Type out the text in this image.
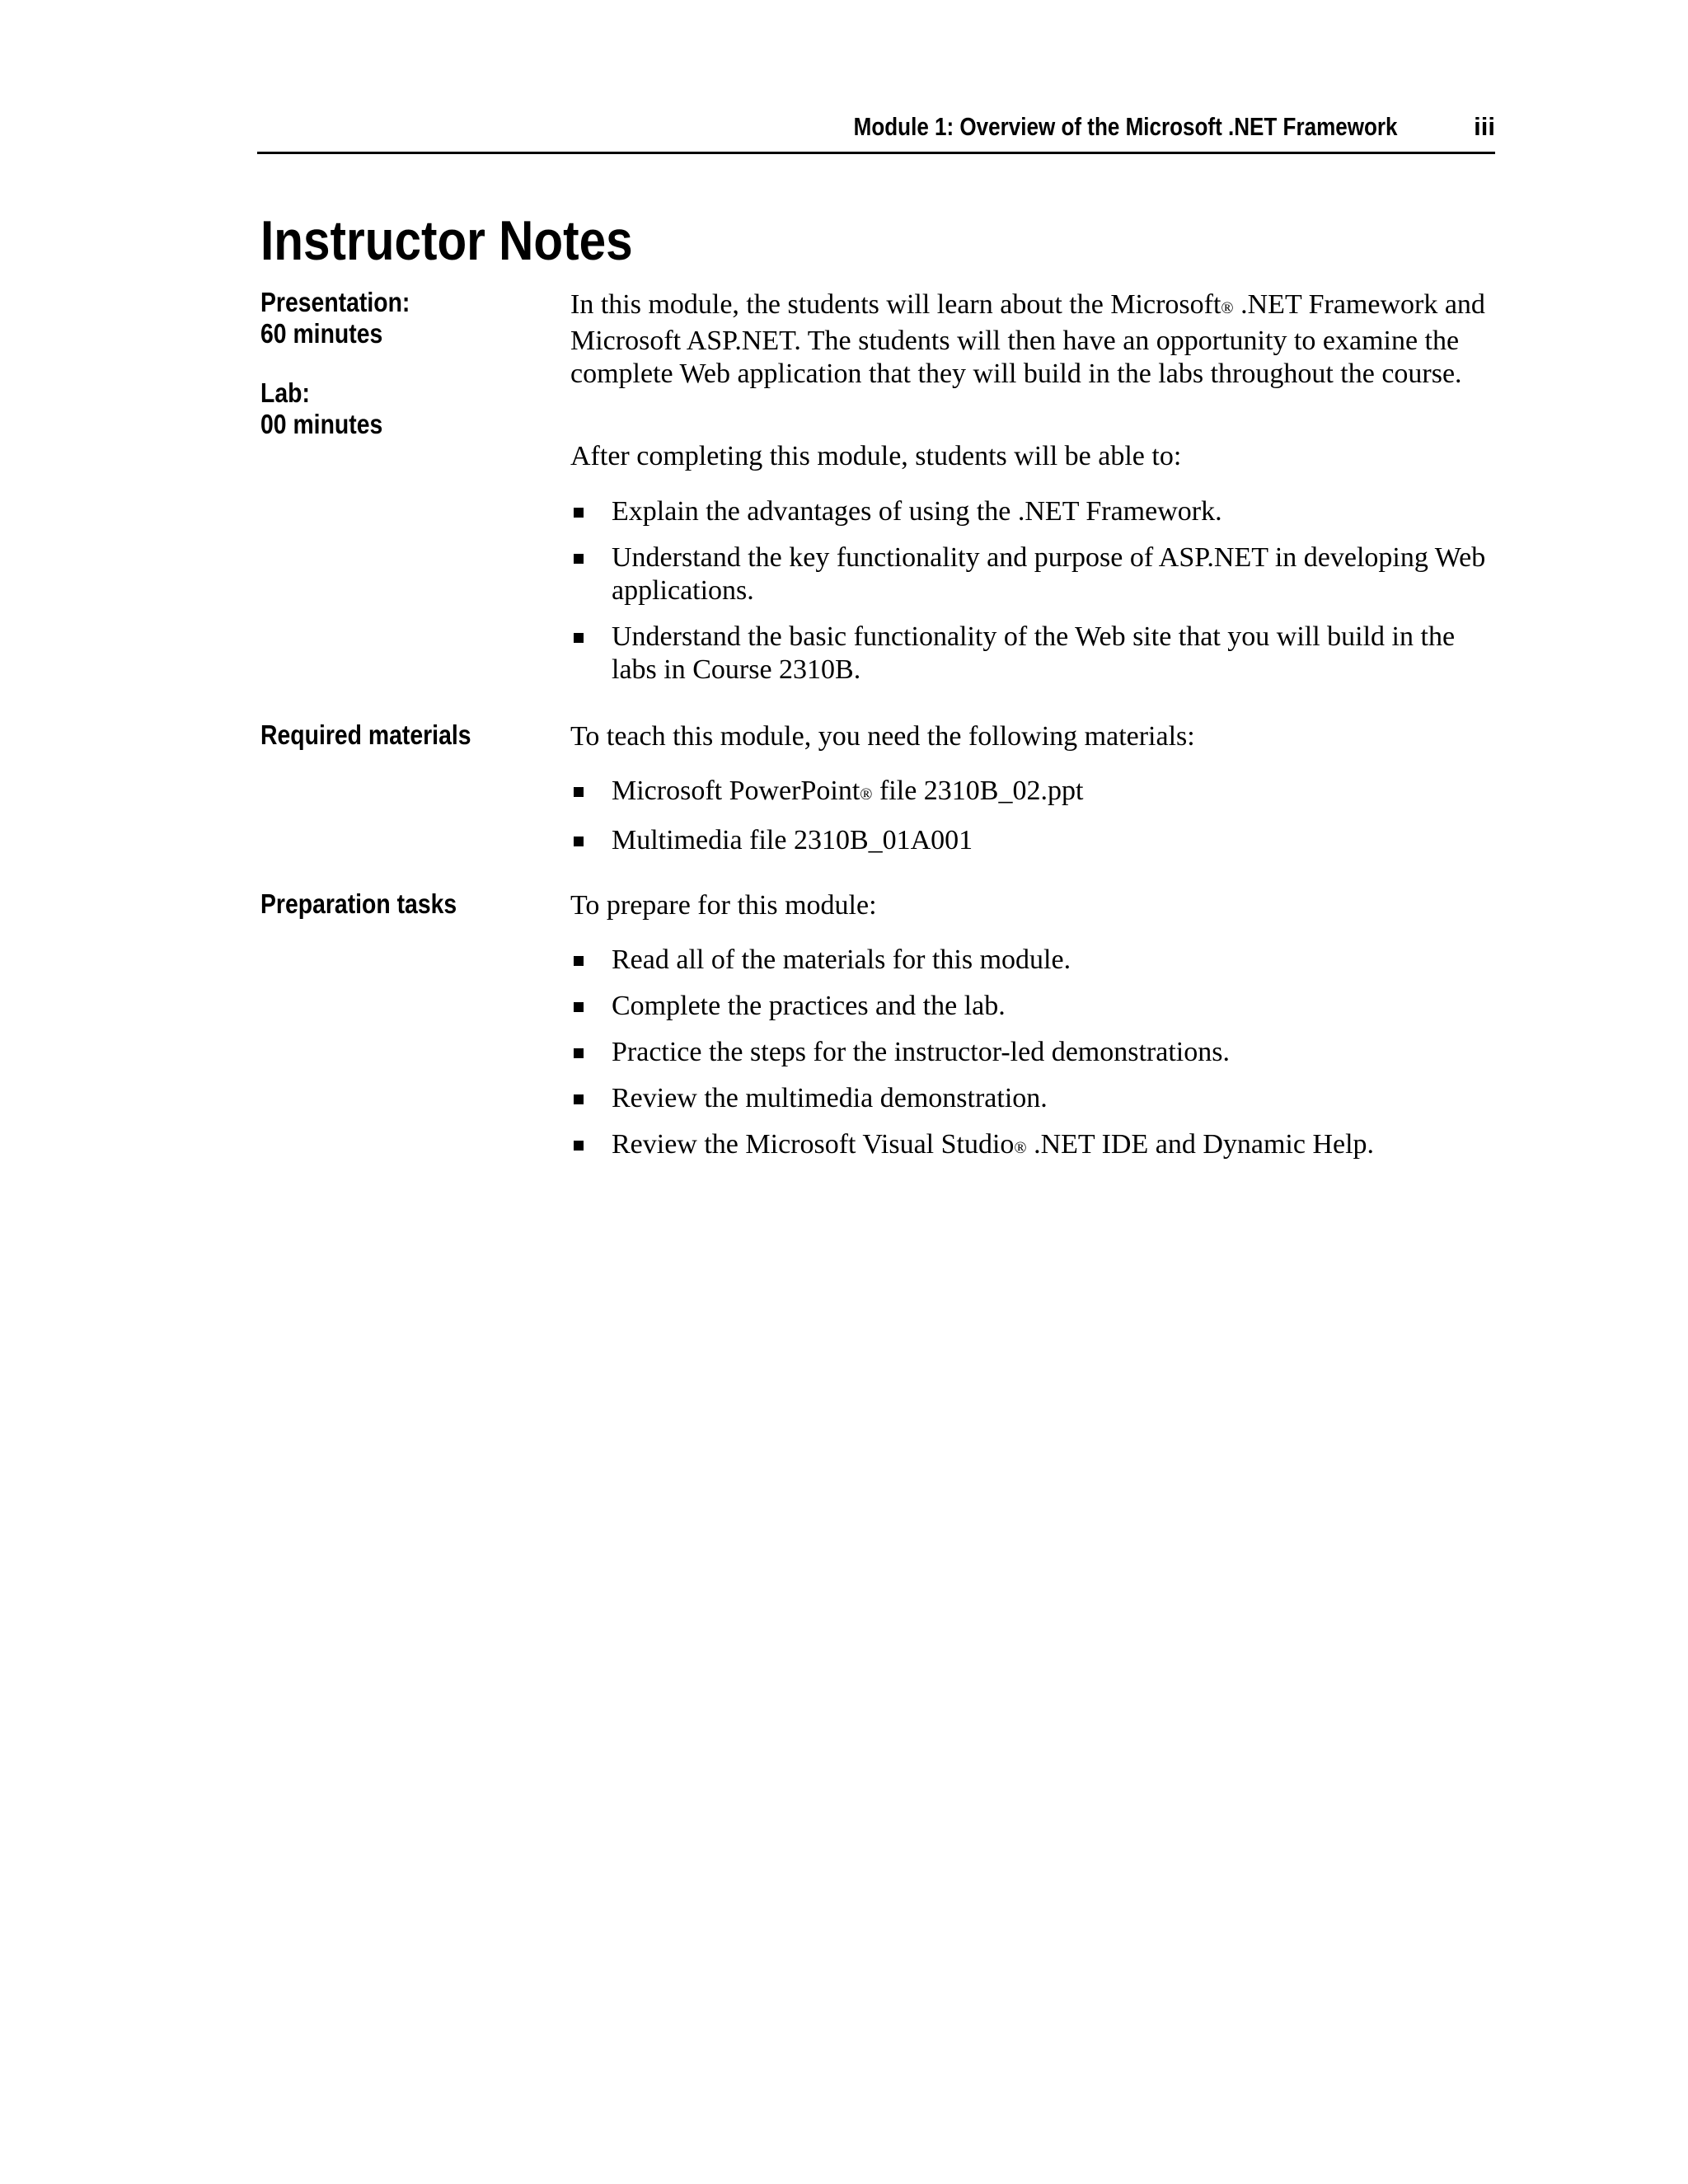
Module 1: Overview of the Microsoft .NET Framework	iii
Instructor Notes
Presentation:
60 minutes
Lab:
00 minutes
Required materials
Preparation tasks

In this module, the students will learn about the Microsoft® .NET Framework and Microsoft ASP.NET. The students will then have an opportunity to examine the complete Web application that they will build in the labs throughout the course.

After completing this module, students will be able to:

Explain the advantages of using the .NET Framework.
Understand the key functionality and purpose of ASP.NET in developing Web applications.
Understand the basic functionality of the Web site that you will build in the labs in Course 2310B.

To teach this module, you need the following materials:

Microsoft PowerPoint® file 2310B_02.ppt
Multimedia file 2310B_01A001

To prepare for this module:

Read all of the materials for this module.
Complete the practices and the lab.
Practice the steps for the instructor-led demonstrations.
Review the multimedia demonstration.
Review the Microsoft Visual Studio® .NET IDE and Dynamic Help.
